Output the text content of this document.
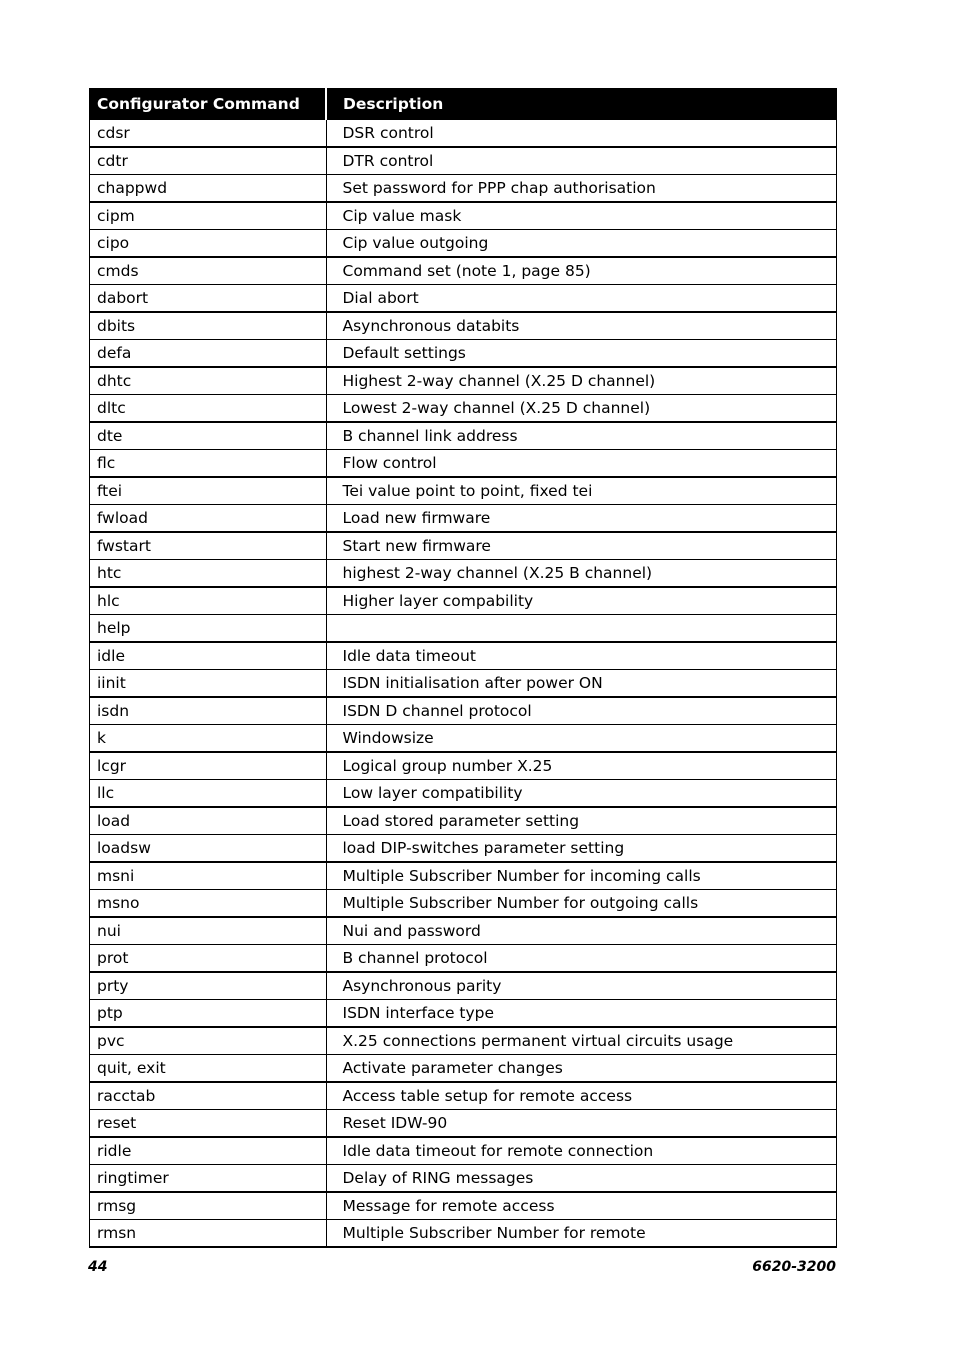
Configurator Command	Description
cdsr	DSR control
cdtr	DTR control
chappwd	Set password for PPP chap authorisation
cipm	Cip value mask
cipo	Cip value outgoing
cmds	Command set (note 1, page 85)
dabort	Dial abort
dbits	Asynchronous databits
defa	Default settings
dhtc	Highest 2-way channel (X.25 D channel)
dltc	Lowest 2-way channel (X.25 D channel)
dte	B channel link address
flc	Flow control
ftei	Tei value point to point, fixed tei
fwload	Load new firmware
fwstart	Start new firmware
htc	highest 2-way channel (X.25 B channel)
hlc	Higher layer compability
help	
idle	Idle data timeout
iinit	ISDN initialisation after power ON
isdn	ISDN D channel protocol
k	Windowsize
lcgr	Logical group number X.25
llc	Low layer compatibility
load	Load stored parameter setting
loadsw	load DIP-switches parameter setting
msni	Multiple Subscriber Number for incoming calls
msno	Multiple Subscriber Number for outgoing calls
nui	Nui and password
prot	B channel protocol
prty	Asynchronous parity
ptp	ISDN interface type
pvc	X.25 connections permanent virtual circuits usage
quit, exit	Activate parameter changes
racctab	Access table setup for remote access
reset	Reset IDW-90
ridle	Idle data timeout for remote connection
ringtimer	Delay of RING messages
rmsg	Message for remote access
rmsn	Multiple Subscriber Number for remote
44	6620-3200
